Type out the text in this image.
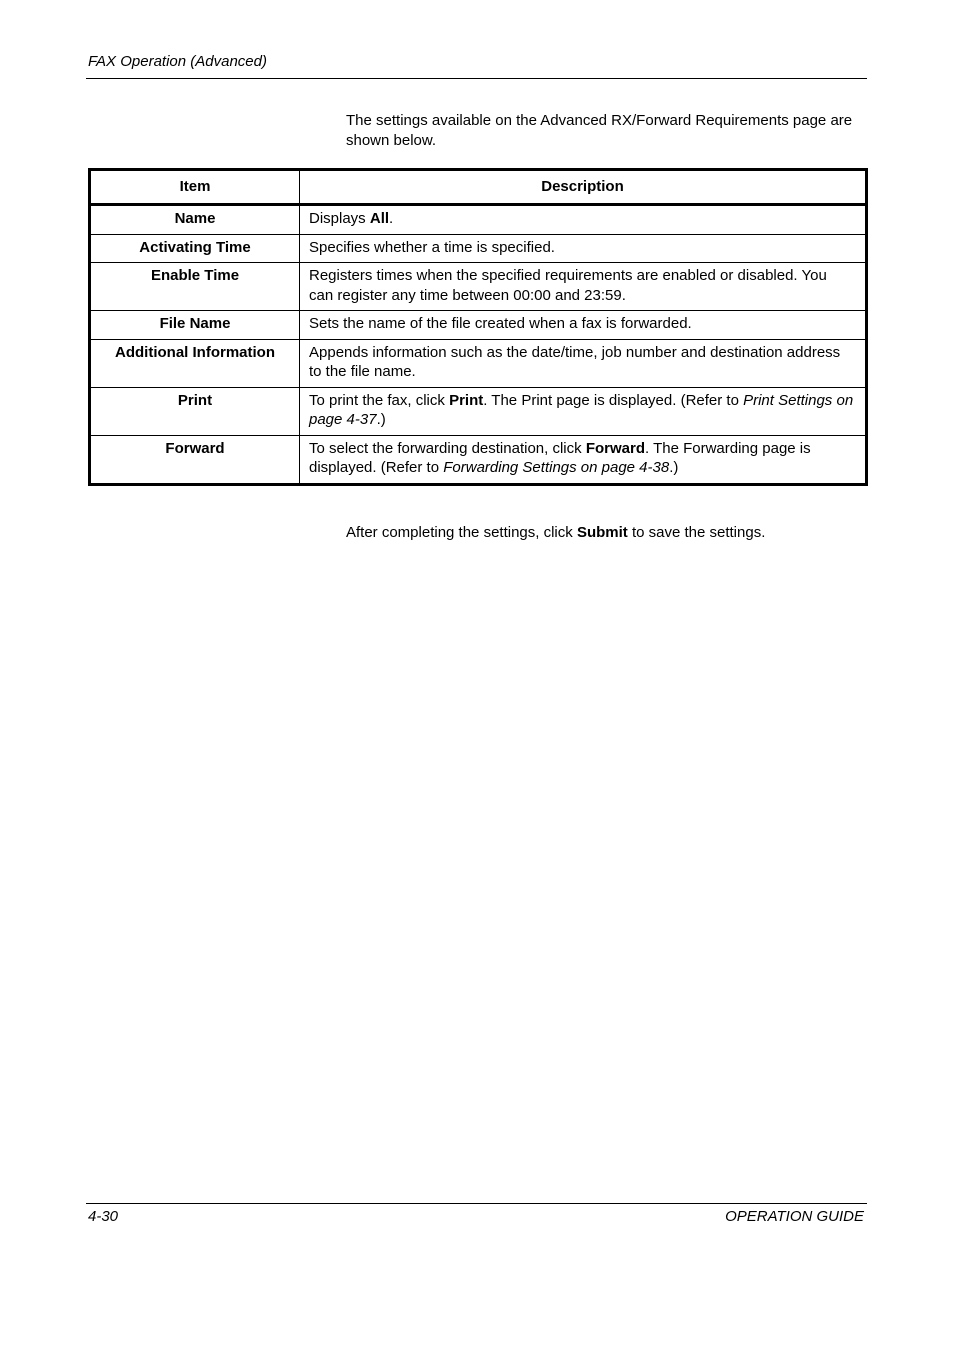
FAX Operation (Advanced)
The settings available on the Advanced RX/Forward Requirements page are shown below.
Item	Description
Name	Displays All.
Activating Time	Specifies whether a time is specified.
Enable Time	Registers times when the specified requirements are enabled or disabled. You can register any time between 00:00 and 23:59.
File Name	Sets the name of the file created when a fax is forwarded.
Additional Information	Appends information such as the date/time, job number and destination address to the file name.
Print	To print the fax, click Print. The Print page is displayed. (Refer to Print Settings on page 4-37.)
Forward	To select the forwarding destination, click Forward. The Forwarding page is displayed. (Refer to Forwarding Settings on page 4-38.)
After completing the settings, click Submit to save the settings.
4-30	OPERATION GUIDE
